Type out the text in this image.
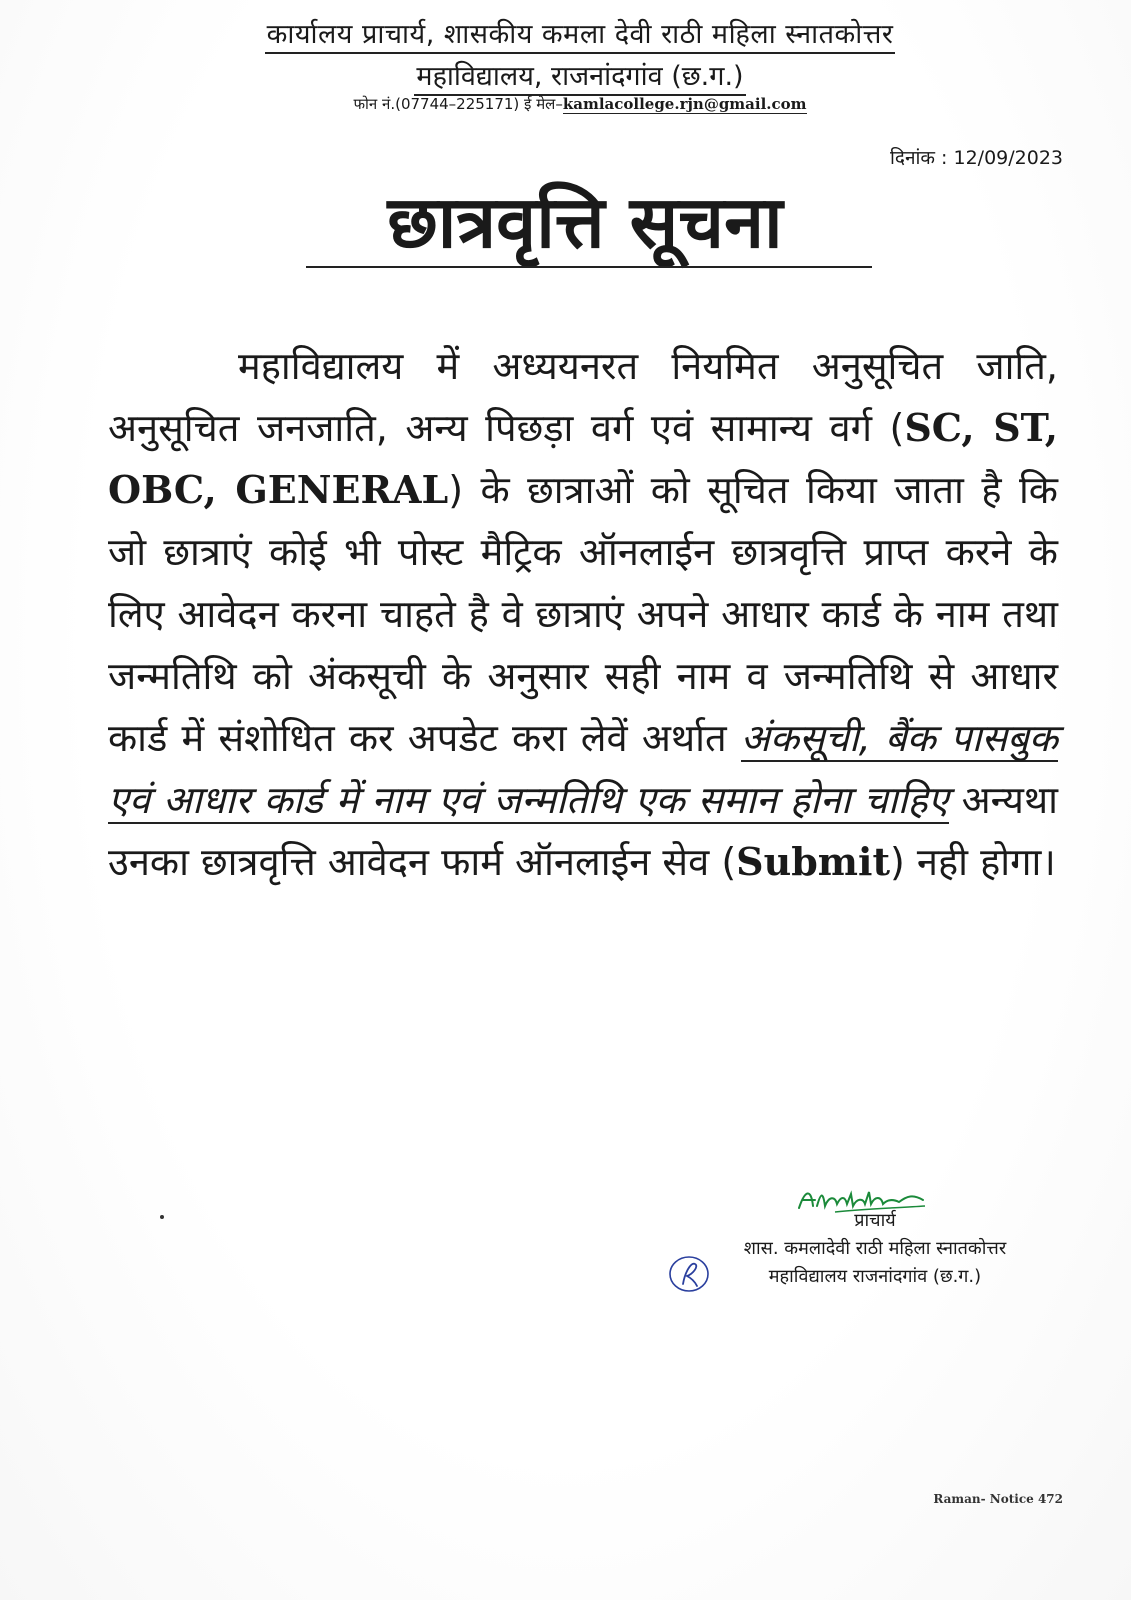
कार्यालय प्राचार्य, शासकीय कमला देवी राठी महिला स्नातकोत्तर
महाविद्यालय, राजनांदगांव (छ.ग.)
फोन नं.(07744–225171) ई मेल–kamlacollege.rjn@gmail.com
दिनांक : 12/09/2023
छात्रवृत्ति सूचना
महाविद्यालय में अध्ययनरत नियमित अनुसूचित जाति, अनुसूचित जनजाति, अन्य पिछड़ा वर्ग एवं सामान्य वर्ग (SC, ST, OBC, GENERAL) के छात्राओं को सूचित किया जाता है कि जो छात्राएं कोई भी पोस्ट मैट्रिक ऑनलाईन छात्रवृत्ति प्राप्त करने के लिए आवेदन करना चाहते है वे छात्राएं अपने आधार कार्ड के नाम तथा जन्मतिथि को अंकसूची के अनुसार सही नाम व जन्मतिथि से आधार कार्ड में संशोधित कर अपडेट करा लेवें अर्थात अंकसूची, बैंक पासबुक एवं आधार कार्ड में नाम एवं जन्मतिथि एक समान होना चाहिए अन्यथा उनका छात्रवृत्ति आवेदन फार्म ऑनलाईन सेव (Submit) नही होगा।
प्राचार्य
शास. कमलादेवी राठी महिला स्नातकोत्तर
महाविद्यालय राजनांदगांव (छ.ग.)
Raman- Notice 472
